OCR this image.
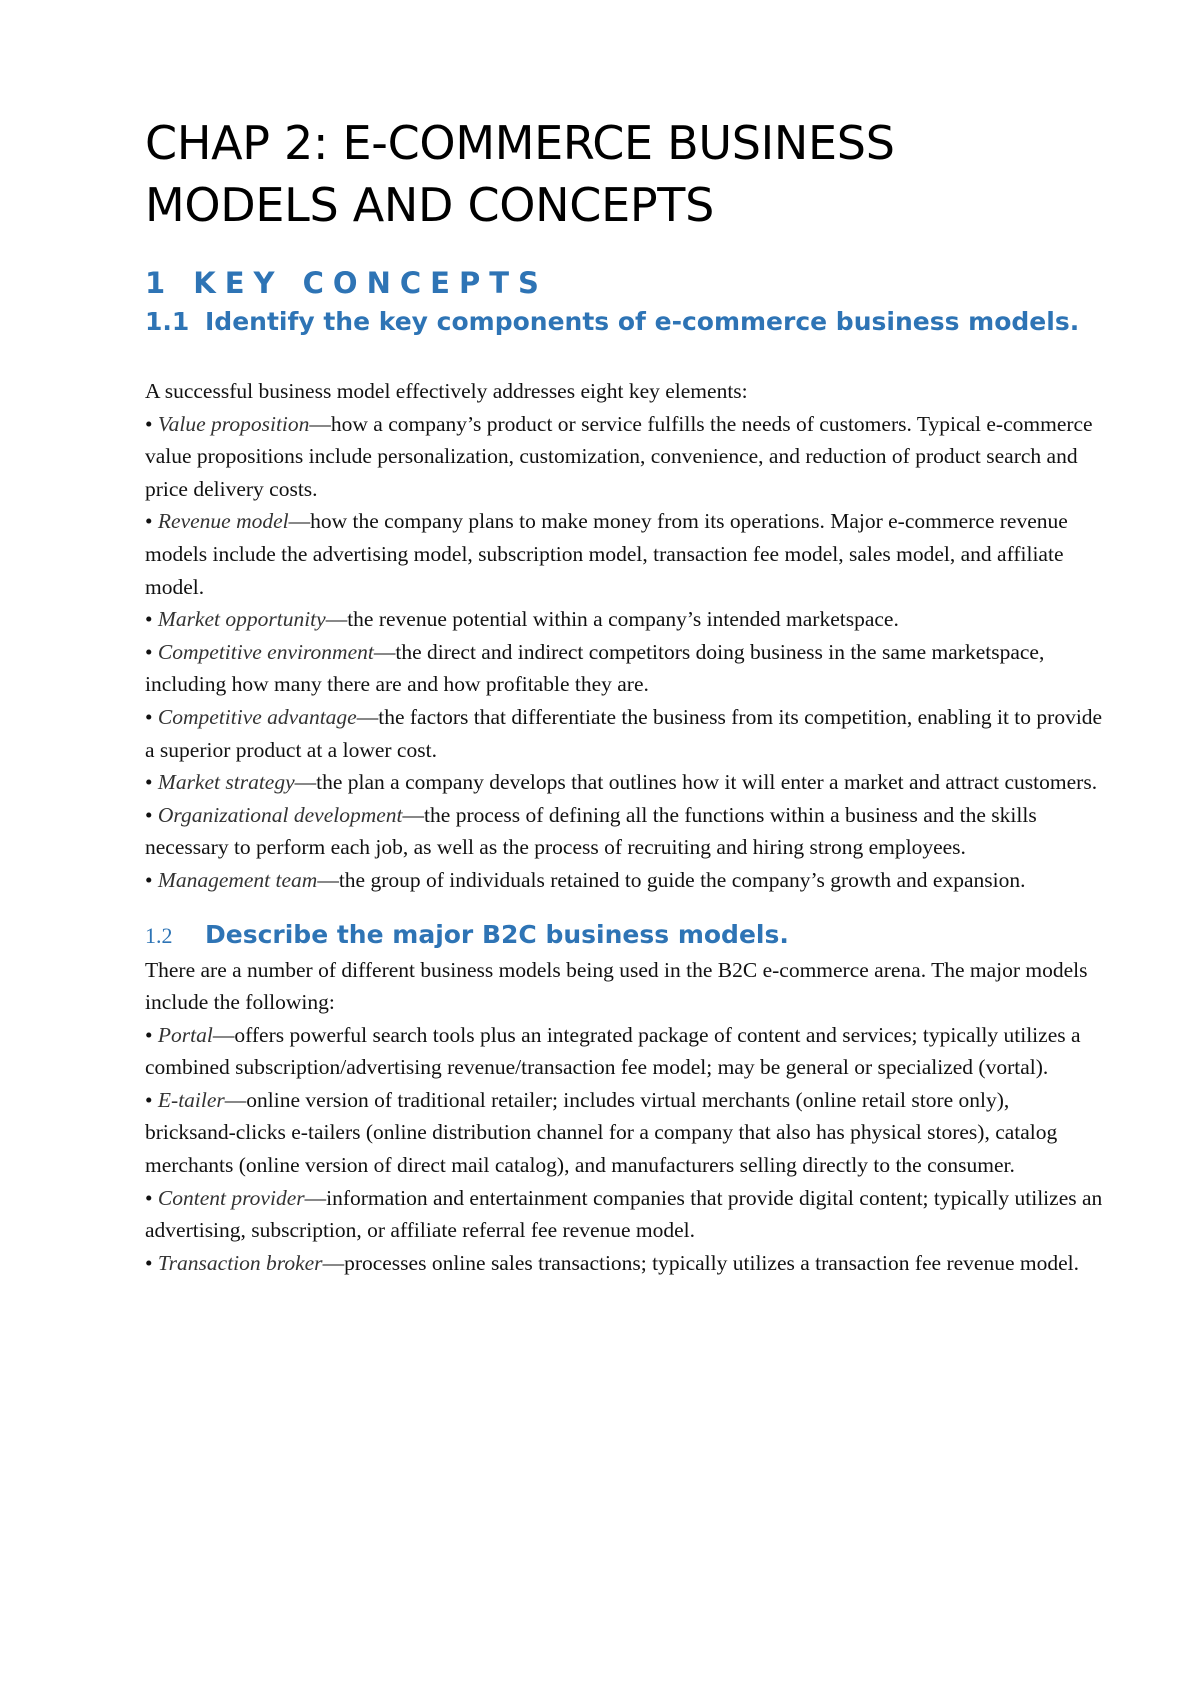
CHAP 2: E-COMMERCE BUSINESS
MODELS AND CONCEPTS
1 KEY CONCEPTS
1.1 Identify the key components of e-commerce business models.

A successful business model effectively addresses eight key elements:

• Value proposition—how a company’s product or service fulfills the needs of customers. Typical e-commerce value propositions include personalization, customization, convenience, and reduction of product search and price delivery costs.

• Revenue model—how the company plans to make money from its operations. Major e-commerce revenue models include the advertising model, subscription model, transaction fee model, sales model, and affiliate model.

• Market opportunity—the revenue potential within a company’s intended marketspace.

• Competitive environment—the direct and indirect competitors doing business in the same marketspace, including how many there are and how profitable they are.

• Competitive advantage—the factors that differentiate the business from its competition, enabling it to provide a superior product at a lower cost.

• Market strategy—the plan a company develops that outlines how it will enter a market and attract customers.

• Organizational development—the process of defining all the functions within a business and the skills necessary to perform each job, as well as the process of recruiting and hiring strong employees.

• Management team—the group of individuals retained to guide the company’s growth and expansion.

1.2 Describe the major B2C business models.

There are a number of different business models being used in the B2C e-commerce arena. The major models include the following:

• Portal—offers powerful search tools plus an integrated package of content and services; typically utilizes a

combined subscription/advertising revenue/transaction fee model; may be general or specialized (vortal).

• E-tailer—online version of traditional retailer; includes virtual merchants (online retail store only), bricksand-clicks e-tailers (online distribution channel for a company that also has physical stores), catalog merchants (online version of direct mail catalog), and manufacturers selling directly to the consumer.

• Content provider—information and entertainment companies that provide digital content; typically utilizes an advertising, subscription, or affiliate referral fee revenue model.

• Transaction broker—processes online sales transactions; typically utilizes a transaction fee revenue model.
